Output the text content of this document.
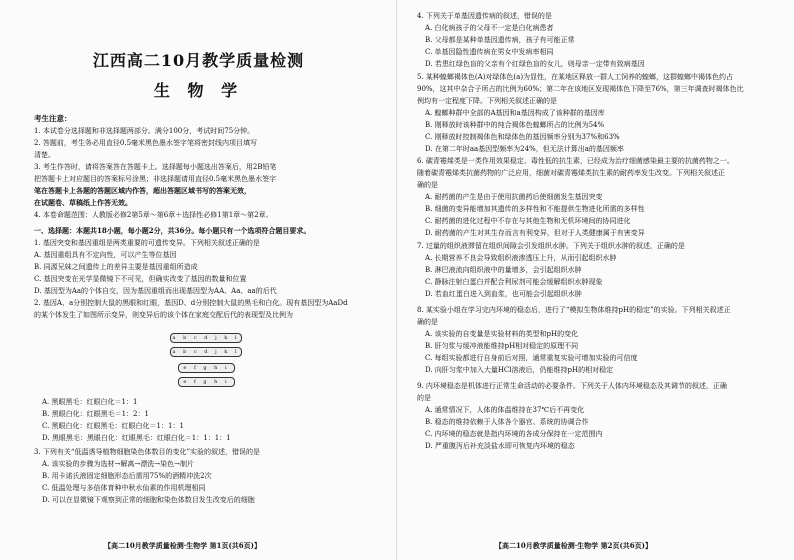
江西高二10月教学质量检测
生 物 学
考生注意：
1. 本试卷分选择题和非选择题两部分。满分100分，考试时间75分钟。
2. 答题前，考生务必用直径0.5毫米黑色墨水签字笔将密封线内项目填写
清楚。
3. 考生作答时，请将答案答在答题卡上。选择题每小题选出答案后，用2B铅笔
把答题卡上对应题目的答案标号涂黑；非选择题请用直径0.5毫米黑色墨水签字
笔在答题卡上各题的答题区域内作答，超出答题区域书写的答案无效，
在试题卷、草稿纸上作答无效。
4. 本卷命题范围：人教版必修2第5章～第6章＋选择性必修1第1章～第2章。
一、选择题：本题共18小题，每小题2分，共36分。每小题只有一个选项符合题目要求。
1. 基因突变和基因重组是两类重要的可遗传变异。下列相关叙述正确的是
A. 基因重组具有不定向性，可以产生等位基因
B. 同源兄妹之间遗传上的差异主要是基因重组所造成
C. 基因突变在光学显微镜下不可见，但确实改变了基因的数量和位置
D. 基因型为Aa的个体自交，因为基因重组而出现基因型为AA、Aa、aa的后代
2. 基因A、a分别控制大鼠的黑眼和红眼，基因D、d分别控制大鼠的黑毛和白化。现有基因型为AaDd
的某个体发生了如图所示变异，则变异后的该个体在家庭交配后代的表现型及比例为
a b c d j k l
a b c d j k l
e f g h i
e f g h i
A. 黑眼黑毛：红眼白化＝1：1
B. 黑眼白化：红眼黑毛＝1：2：1
C. 黑眼白化：红眼黑毛：红眼白化＝1：1：1
D. 黑眼黑毛：黑眼白化：红眼黑毛：红眼白化＝1：1：1：1
3. 下列有关“低温诱导植物细胞染色体数目的变化”实验的叙述，错误的是
A. 该实验的步骤为选材→解离→漂洗→染色→制片
B. 用卡诺氏液固定细胞形态后需用75%的酒精冲洗2次
C. 低温处理与多倍体育种中秋水仙素的作用机理相同
D. 可以在显微镜下观察到正常的细胞和染色体数目发生改变后的细胞
【高二10月教学质量检测·生物学 第1页(共6页)】
4. 下列关于单基因遗传病的叙述，错误的是
A. 白化病孩子的父母不一定是白化病患者
B. 父母都是某种单基因遗传病，孩子有可能正常
C. 单基因隐性遗传病在男女中发病率相同
D. 若患红绿色盲的父亲有个红绿色盲的女儿，则母亲一定带有致病基因
5. 某种蝗螂褐体色(A)对绿体色(a)为显性，在某地区释放一群人工饲养的蝗螂，这群蝗螂中褐体色约占
90%，这其中杂合子所占的比例为60%；第二年在该地区发现褐体色下降至76%，第三年调查时褐体色比
例均有一定程度下降。下列相关叙述正确的是
A. 蝗螂种群中全部的A基因和a基因构成了该种群的基因库
B. 刚释放时该种群中的纯合褐体色蝗螂所占的比例为54%
C. 刚释放时控制褐体色和绿体色的基因频率分别为37%和63%
D. 在第二年时aa基因型频率为24%，但无法计算出a的基因频率
6. 碳青霉烯类是一类作用效果稳定、毒性低的抗生素，已经成为治疗细菌感染最主要的抗菌药物之一。
随着碳青霉烯类抗菌药物的广泛应用，细菌对碳青霉烯类抗生素的耐药率发生改变。下列相关叙述正
确的是
A. 耐药菌的产生是由于使用抗菌药后使细菌发生基因突变
B. 细菌的变异能增加其遗传的多样性和不能提供生物进化所需的多样性
C. 耐药菌的进化过程中不存在与其他生物和无机环境间的协同进化
D. 耐药菌的产生对其生存而言有利变异，但对于人类健康属于有害变异
7. 过量的组织液滞留在组织间隙会引发组织水肿。下列关于组织水肿的叙述，正确的是
A. 长期营养不良会导致组织液渗透压上升，从而引起组织水肿
B. 淋巴液流向组织液中的量增多，会引起组织水肿
C. 静脉注射白蛋白并配合利尿剂可能会缓解组织水肿现象
D. 若血红蛋白进入到血浆，也可能会引起组织水肿
8. 某实验小组在学习完内环境的稳态后，进行了“模拟生物体维持pH的稳定”的实验。下列相关叙述正
确的是
A. 该实验的自变量是实验材料的类型和pH的变化
B. 肝匀浆与缓冲液能维持pH相对稳定的原理不同
C. 每组实验都进行自身前后对照，通常重复实验可增加实验的可信度
D. 向肝匀浆中加入大量HCl溶液后，仍能维持pH的相对稳定
9. 内环境稳态是机体进行正常生命活动的必要条件。下列关于人体内环境稳态及其调节的叙述，正确
的是
A. 通常情况下，人体的体温维持在37℃后不再变化
B. 稳态的维持依赖于人体各个器官、系统的协调合作
C. 内环境的稳态就是指内环境的各成分保持在一定范围内
D. 严重腹泻后补充淡盐水即可恢复内环境的稳态
【高二10月教学质量检测·生物学 第2页(共6页)】
